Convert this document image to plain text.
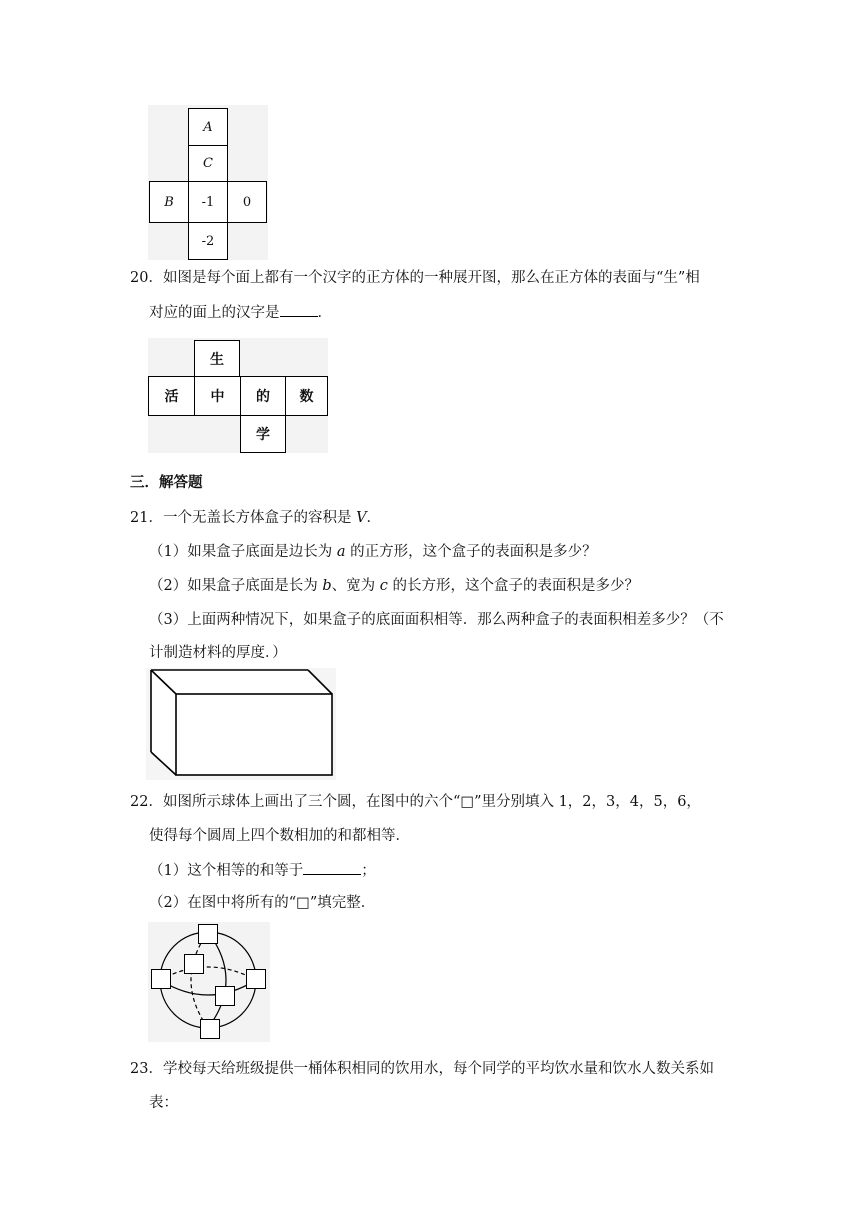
A
C
B	-1	0
-2
20．如图是每个面上都有一个汉字的正方体的一种展开图，那么在正方体的表面与“生”相
对应的面上的汉字是	．
生
活	中	的	数
学
三．解答题
21．一个无盖长方体盒子的容积是 V．
（1）如果盒子底面是边长为 a 的正方形，这个盒子的表面积是多少？
（2）如果盒子底面是长为 b、宽为 c 的长方形，这个盒子的表面积是多少？
（3）上面两种情况下，如果盒子的底面面积相等．那么两种盒子的表面积相差多少？（不
计制造材料的厚度．）
22．如图所示球体上画出了三个圆，在图中的六个“□”里分别填入 1，2，3，4，5，6，
使得每个圆周上四个数相加的和都相等．
（1）这个相等的和等于	；
（2）在图中将所有的“□”填完整．
23．学校每天给班级提供一桶体积相同的饮用水，每个同学的平均饮水量和饮水人数关系如
表：
